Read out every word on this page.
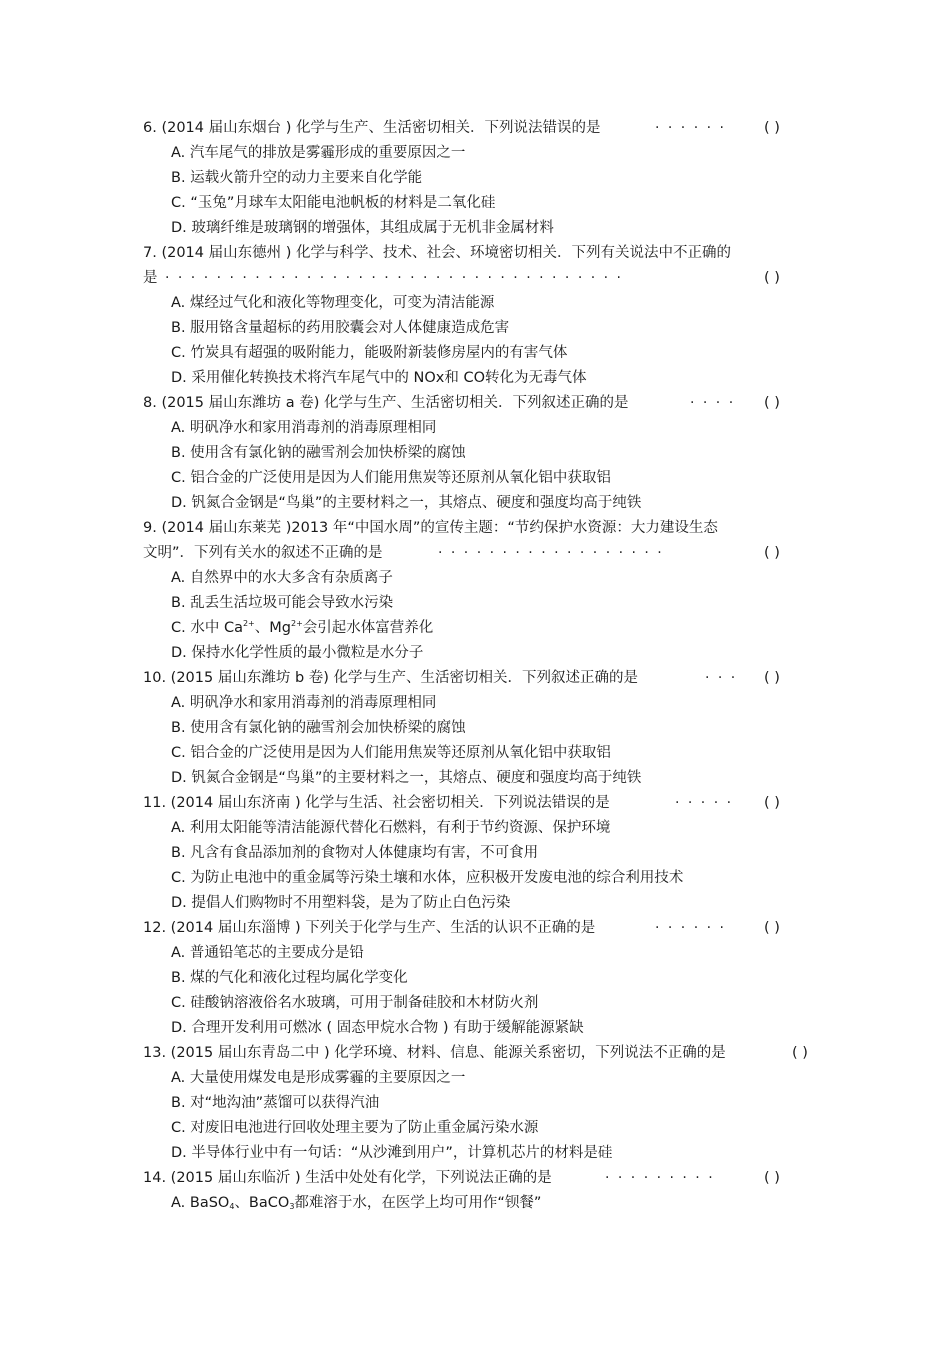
6. (2014 届山东烟台 ) 化学与生产、生活密切相关．下列说法错误的是	· · · · · ·	( )
A. 汽车尾气的排放是雾霾形成的重要原因之一
B. 运载火箭升空的动力主要来自化学能
C. “玉兔”月球车太阳能电池帆板的材料是二氧化硅
D. 玻璃纤维是玻璃钢的增强体，其组成属于无机非金属材料
7. (2014 届山东德州 ) 化学与科学、技术、社会、环境密切相关．下列有关说法中不正确的
是 · · · · · · · · · · · · · · · · · · · · · · · · · · · · · · · · · · · ·	( )
A. 煤经过气化和液化等物理变化，可变为清洁能源
B. 服用铬含量超标的药用胶囊会对人体健康造成危害
C. 竹炭具有超强的吸附能力，能吸附新装修房屋内的有害气体
D. 采用催化转换技术将汽车尾气中的 NOx和 CO转化为无毒气体
8. (2015 届山东潍坊 a 卷) 化学与生产、生活密切相关．下列叙述正确的是	· · · · ( )
A. 明矾净水和家用消毒剂的消毒原理相同
B. 使用含有氯化钠的融雪剂会加快桥梁的腐蚀
C. 铝合金的广泛使用是因为人们能用焦炭等还原剂从氧化铝中获取铝
D. 钒氮合金钢是“鸟巢”的主要材料之一，其熔点、硬度和强度均高于纯铁
9. (2014 届山东莱芜 )2013 年“中国水周”的宣传主题：“节约保护水资源：大力建设生态
文明”．下列有关水的叙述不正确的是	· · · · · · · · · · · · · · · · · ·	( )
A. 自然界中的水大多含有杂质离子
B. 乱丢生活垃圾可能会导致水污染
C. 水中 $Ca^{2+}$、$Mg^{2+}$会引起水体富营养化
D. 保持水化学性质的最小微粒是水分子
10. (2015 届山东潍坊 b 卷) 化学与生产、生活密切相关．下列叙述正确的是	· · · ( )
A. 明矾净水和家用消毒剂的消毒原理相同
B. 使用含有氯化钠的融雪剂会加快桥梁的腐蚀
C. 铝合金的广泛使用是因为人们能用焦炭等还原剂从氧化铝中获取铝
D. 钒氮合金钢是“鸟巢”的主要材料之一，其熔点、硬度和强度均高于纯铁
11. (2014 届山东济南 ) 化学与生活、社会密切相关．下列说法错误的是	· · · · · ( )
A. 利用太阳能等清洁能源代替化石燃料，有利于节约资源、保护环境
B. 凡含有食品添加剂的食物对人体健康均有害，不可食用
C. 为防止电池中的重金属等污染土壤和水体，应积极开发废电池的综合利用技术
D. 提倡人们购物时不用塑料袋，是为了防止白色污染
12. (2014 届山东淄博 ) 下列关于化学与生产、生活的认识不正确的是	· · · · · ·	( )
A. 普通铅笔芯的主要成分是铅
B. 煤的气化和液化过程均属化学变化
C. 硅酸钠溶液俗名水玻璃，可用于制备硅胶和木材防火剂
D. 合理开发利用可燃冰 ( 固态甲烷水合物 ) 有助于缓解能源紧缺
13. (2015 届山东青岛二中 ) 化学环境、材料、信息、能源关系密切，下列说法不正确的是	( )
A. 大量使用煤发电是形成雾霾的主要原因之一
B. 对“地沟油”蒸馏可以获得汽油
C. 对废旧电池进行回收处理主要为了防止重金属污染水源
D. 半导体行业中有一句话：“从沙滩到用户”，计算机芯片的材料是硅
14. (2015 届山东临沂 ) 生活中处处有化学，下列说法正确的是	· · · · · · · · ·	( )
A. BaSO$_4$、BaCO$_3$都难溶于水，在医学上均可用作“钡餐”
